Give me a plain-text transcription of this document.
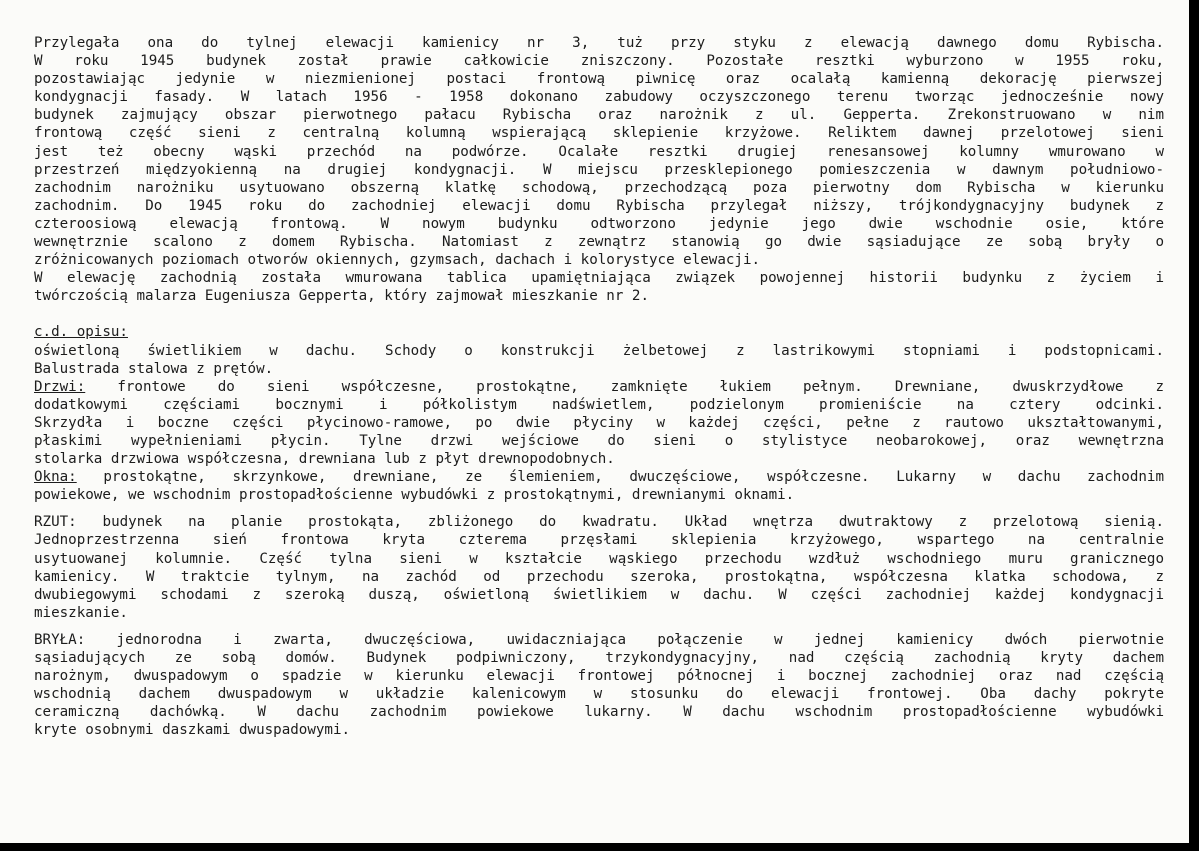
Przylegała ona do tylnej elewacji kamienicy nr 3, tuż przy styku z elewacją dawnego domu Rybischa.
W roku 1945 budynek został prawie całkowicie zniszczony. Pozostałe resztki wyburzono w 1955 roku,
pozostawiając jedynie w niezmienionej postaci frontową piwnicę oraz ocalałą kamienną dekorację pierwszej
kondygnacji fasady. W latach 1956 - 1958 dokonano zabudowy oczyszczonego terenu tworząc jednocześnie nowy
budynek zajmujący obszar pierwotnego pałacu Rybischa oraz narożnik z ul. Gepperta. Zrekonstruowano w nim
frontową część sieni z centralną kolumną wspierającą sklepienie krzyżowe. Reliktem dawnej przelotowej sieni
jest też obecny wąski przechód na podwórze. Ocalałe resztki drugiej renesansowej kolumny wmurowano w
przestrzeń międzyokienną na drugiej kondygnacji. W miejscu przesklepionego pomieszczenia w dawnym południowo-
zachodnim narożniku usytuowano obszerną klatkę schodową, przechodzącą poza pierwotny dom Rybischa w kierunku
zachodnim. Do 1945 roku do zachodniej elewacji domu Rybischa przylegał niższy, trójkondygnacyjny budynek z
czteroosiową elewacją frontową. W nowym budynku odtworzono jedynie jego dwie wschodnie osie, które
wewnętrznie scalono z domem Rybischa. Natomiast z zewnątrz stanowią go dwie sąsiadujące ze sobą bryły o
zróżnicowanych poziomach otworów okiennych, gzymsach, dachach i kolorystyce elewacji.
W elewację zachodnią została wmurowana tablica upamiętniająca związek powojennej historii budynku z życiem i
twórczością malarza Eugeniusza Gepperta, który zajmował mieszkanie nr 2.
c.d. opisu:
oświetloną świetlikiem w dachu. Schody o konstrukcji żelbetowej z lastrikowymi stopniami i podstopnicami.
Balustrada stalowa z prętów.
Drzwi: frontowe do sieni współczesne, prostokątne, zamknięte łukiem pełnym. Drewniane, dwuskrzydłowe z
dodatkowymi częściami bocznymi i półkolistym nadświetlem, podzielonym promieniście na cztery odcinki.
Skrzydła i boczne części płycinowo-ramowe, po dwie płyciny w każdej części, pełne z rautowo ukształtowanymi,
płaskimi wypełnieniami płycin. Tylne drzwi wejściowe do sieni o stylistyce neobarokowej, oraz wewnętrzna
stolarka drzwiowa współczesna, drewniana lub z płyt drewnopodobnych.
Okna: prostokątne, skrzynkowe, drewniane, ze ślemieniem, dwuczęściowe, współczesne. Lukarny w dachu zachodnim
powiekowe, we wschodnim prostopadłościenne wybudówki z prostokątnymi, drewnianymi oknami.
RZUT: budynek na planie prostokąta, zbliżonego do kwadratu. Układ wnętrza dwutraktowy z przelotową sienią.
Jednoprzestrzenna sień frontowa kryta czterema przęsłami sklepienia krzyżowego, wspartego na centralnie
usytuowanej kolumnie. Część tylna sieni w kształcie wąskiego przechodu wzdłuż wschodniego muru granicznego
kamienicy. W traktcie tylnym, na zachód od przechodu szeroka, prostokątna, współczesna klatka schodowa, z
dwubiegowymi schodami z szeroką duszą, oświetloną świetlikiem w dachu. W części zachodniej każdej kondygnacji
mieszkanie.
BRYŁA: jednorodna i zwarta, dwuczęściowa, uwidaczniająca połączenie w jednej kamienicy dwóch pierwotnie
sąsiadujących ze sobą domów. Budynek podpiwniczony, trzykondygnacyjny, nad częścią zachodnią kryty dachem
narożnym, dwuspadowym o spadzie w kierunku elewacji frontowej północnej i bocznej zachodniej oraz nad częścią
wschodnią dachem dwuspadowym w układzie kalenicowym w stosunku do elewacji frontowej. Oba dachy pokryte
ceramiczną dachówką. W dachu zachodnim powiekowe lukarny. W dachu wschodnim prostopadłościenne wybudówki
kryte osobnymi daszkami dwuspadowymi.
